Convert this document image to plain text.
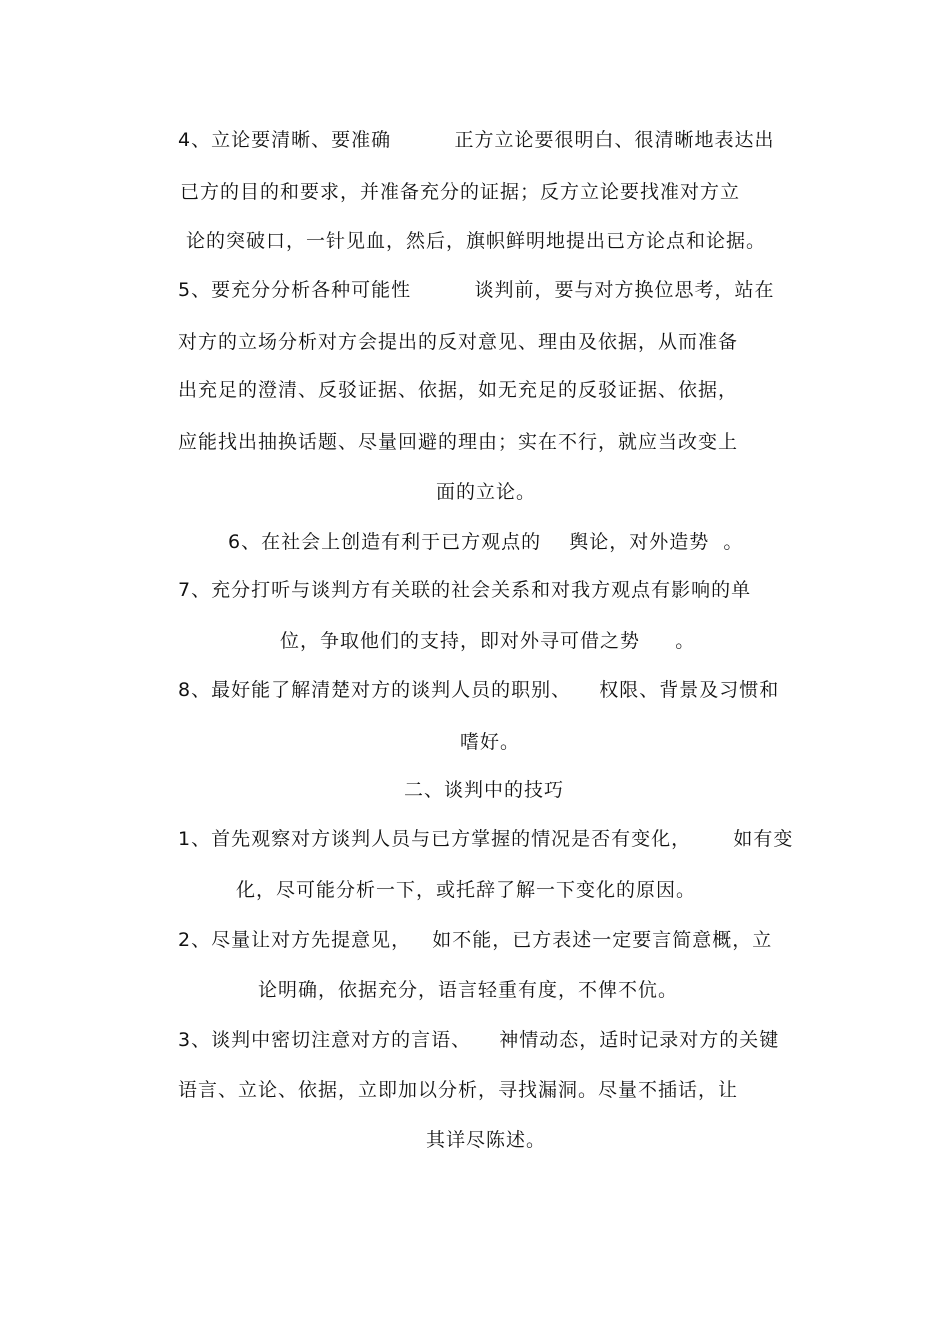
4、立论要清晰、要准确         正方立论要很明白、很清晰地表达出
已方的目的和要求，并准备充分的证据；反方立论要找准对方立
论的突破口，一针见血，然后，旗帜鲜明地提出已方论点和论据。
5、要充分分析各种可能性         谈判前，要与对方换位思考，站在
对方的立场分析对方会提出的反对意见、理由及依据，从而准备
出充足的澄清、反驳证据、依据，如无充足的反驳证据、依据，
应能找出抽换话题、尽量回避的理由；实在不行，就应当改变上
面的立论。
6、在社会上创造有利于已方观点的    舆论，对外造势  。
7、充分打听与谈判方有关联的社会关系和对我方观点有影响的单
位，争取他们的支持，即对外寻可借之势     。
8、最好能了解清楚对方的谈判人员的职别、    权限、背景及习惯和
嗜好。
二、谈判中的技巧
1、首先观察对方谈判人员与已方掌握的情况是否有变化，      如有变
化，尽可能分析一下，或托辞了解一下变化的原因。
2、尽量让对方先提意见，   如不能，已方表述一定要言简意概，立
论明确，依据充分，语言轻重有度，不俾不伉。
3、谈判中密切注意对方的言语、    神情动态，适时记录对方的关键
语言、立论、依据，立即加以分析，寻找漏洞。尽量不插话，让
其详尽陈述。
